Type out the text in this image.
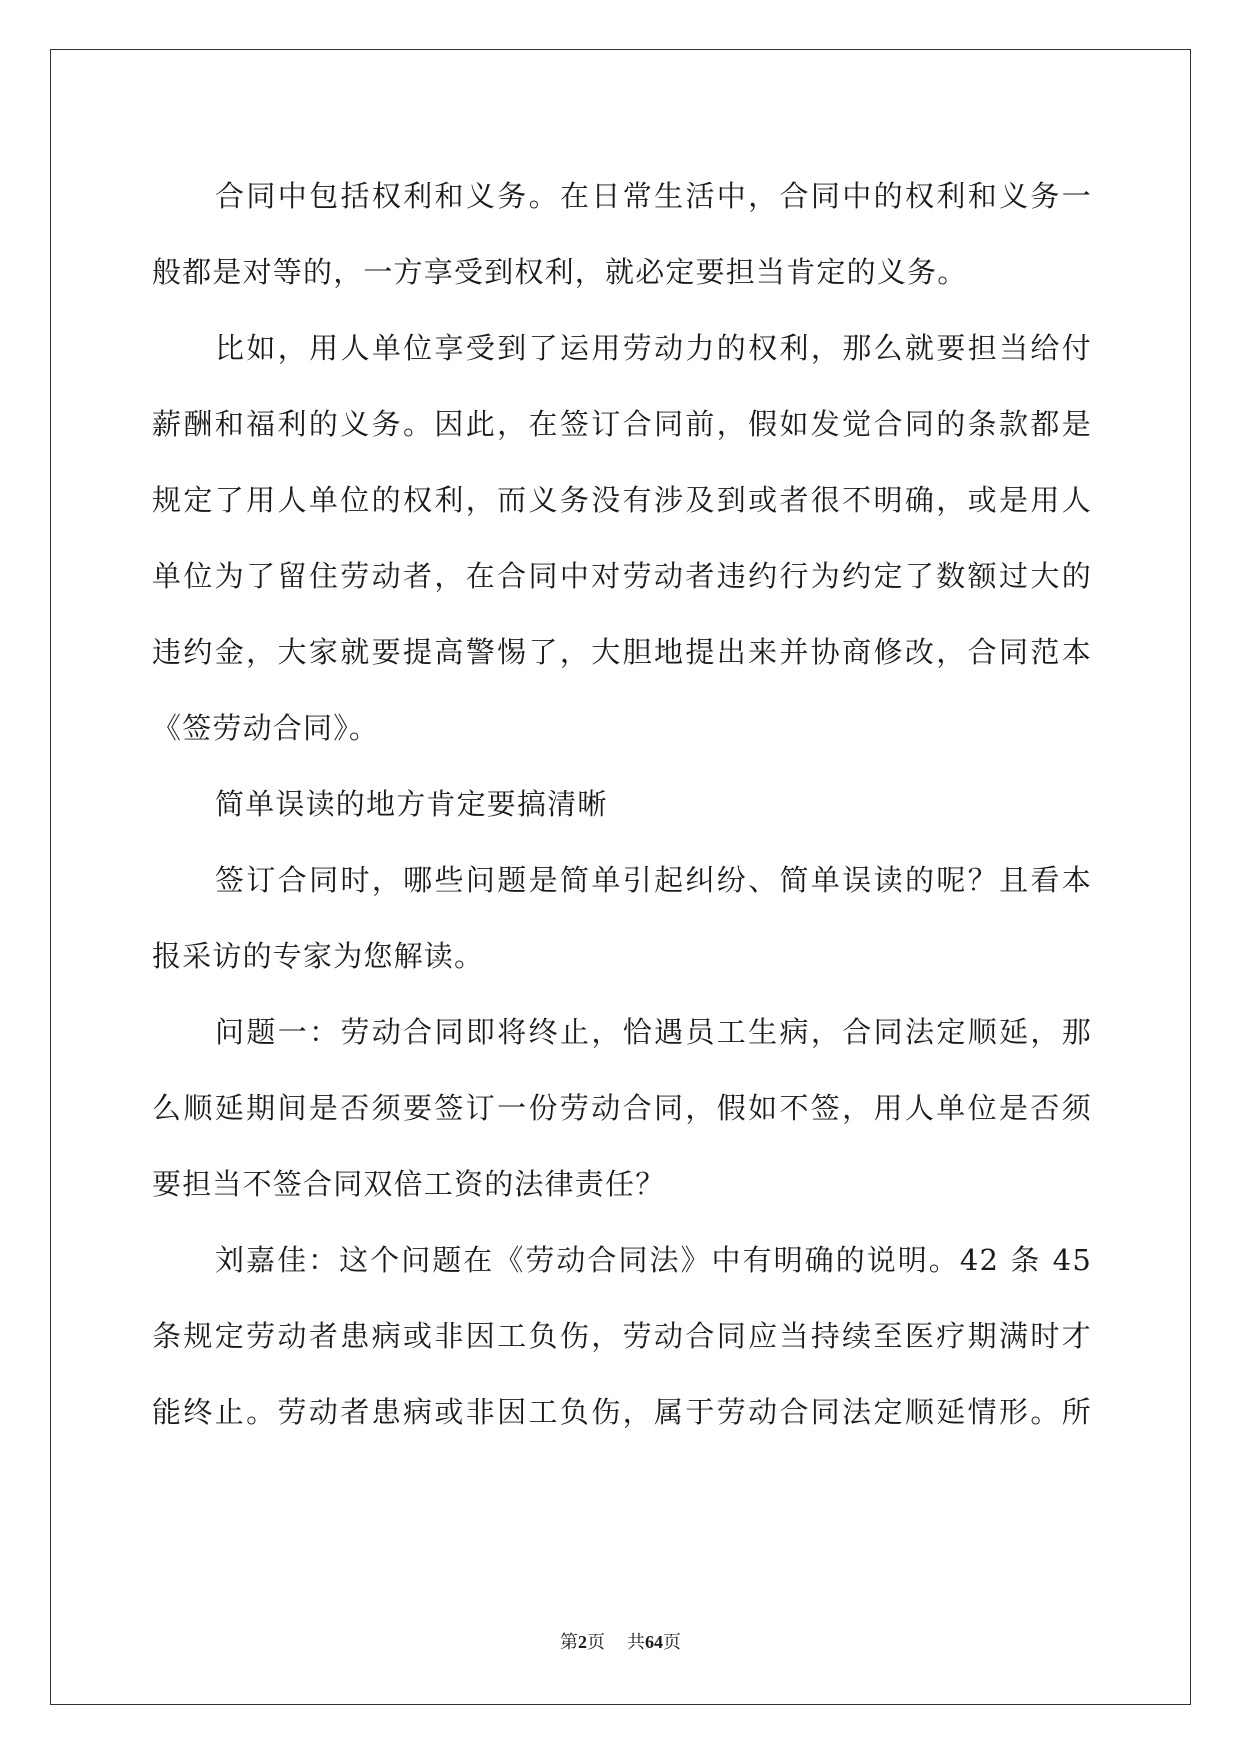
合同中包括权利和义务。在日常生活中，合同中的权利和义务一
般都是对等的，一方享受到权利，就必定要担当肯定的义务。
比如，用人单位享受到了运用劳动力的权利，那么就要担当给付
薪酬和福利的义务。因此，在签订合同前，假如发觉合同的条款都是
规定了用人单位的权利，而义务没有涉及到或者很不明确，或是用人
单位为了留住劳动者，在合同中对劳动者违约行为约定了数额过大的
违约金，大家就要提高警惕了，大胆地提出来并协商修改，合同范本
《签劳动合同》。
简单误读的地方肯定要搞清晰
签订合同时，哪些问题是简单引起纠纷、简单误读的呢？且看本
报采访的专家为您解读。
问题一：劳动合同即将终止，恰遇员工生病，合同法定顺延，那
么顺延期间是否须要签订一份劳动合同，假如不签，用人单位是否须
要担当不签合同双倍工资的法律责任？
刘嘉佳：这个问题在《劳动合同法》中有明确的说明。42 条 45
条规定劳动者患病或非因工负伤，劳动合同应当持续至医疗期满时才
能终止。劳动者患病或非因工负伤，属于劳动合同法定顺延情形。所
第2页 共64页
